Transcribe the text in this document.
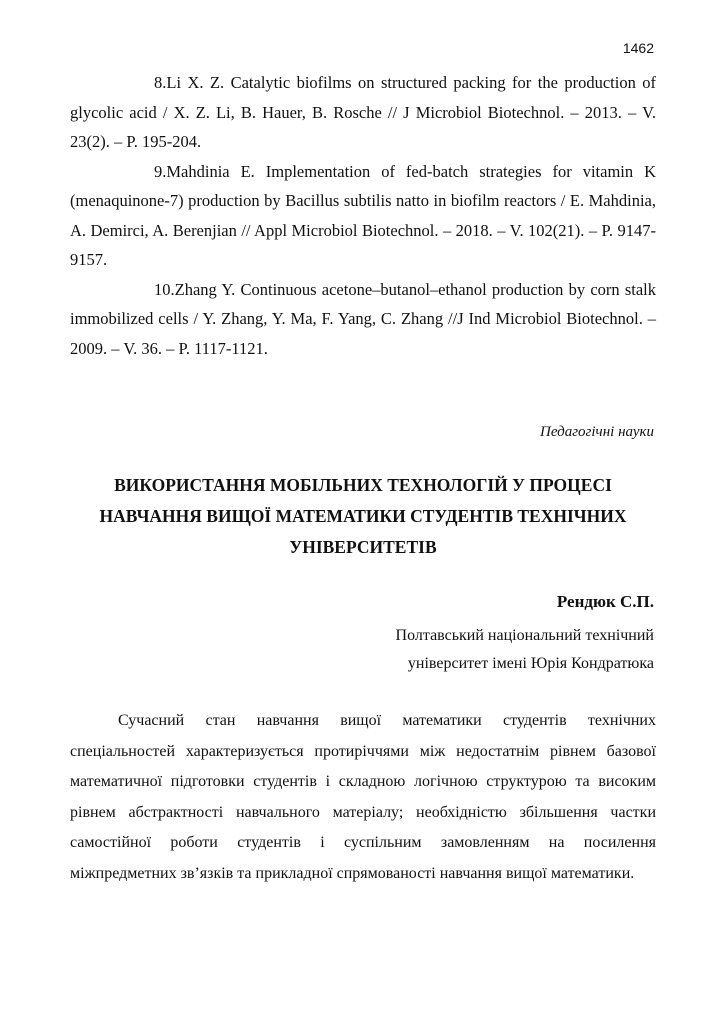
1462

8.Li X. Z. Catalytic biofilms on structured packing for the production of glycolic acid / X. Z. Li, B. Hauer, B. Rosche // J Microbiol Biotechnol. – 2013. – V. 23(2). – P. 195-204.

9.Mahdinia E. Implementation of fed-batch strategies for vitamin K (menaquinone-7) production by Bacillus subtilis natto in biofilm reactors / E. Mahdinia, A. Demirci, A. Berenjian // Appl Microbiol Biotechnol. – 2018. – V. 102(21). – P. 9147-9157.

10.Zhang Y. Continuous acetone–butanol–ethanol production by corn stalk immobilized cells / Y. Zhang, Y. Ma, F. Yang, C. Zhang //J Ind Microbiol Biotechnol. – 2009. – V. 36. – P. 1117-1121.

Педагогічні науки
ВИКОРИСТАННЯ МОБІЛЬНИХ ТЕХНОЛОГІЙ У ПРОЦЕСІ
НАВЧАННЯ ВИЩОЇ МАТЕМАТИКИ СТУДЕНТІВ ТЕХНІЧНИХ
УНІВЕРСИТЕТІВ
Рендюк С.П.
Полтавський національний технічний
університет імені Юрія Кондратюка

Сучасний стан навчання вищої математики студентів технічних спеціальностей характеризується протиріччями між недостатнім рівнем базової математичної підготовки студентів і складною логічною структурою та високим рівнем абстрактності навчального матеріалу; необхідністю збільшення частки самостійної роботи студентів і суспільним замовленням на посилення міжпредметних зв’язків та прикладної спрямованості навчання вищої математики.
